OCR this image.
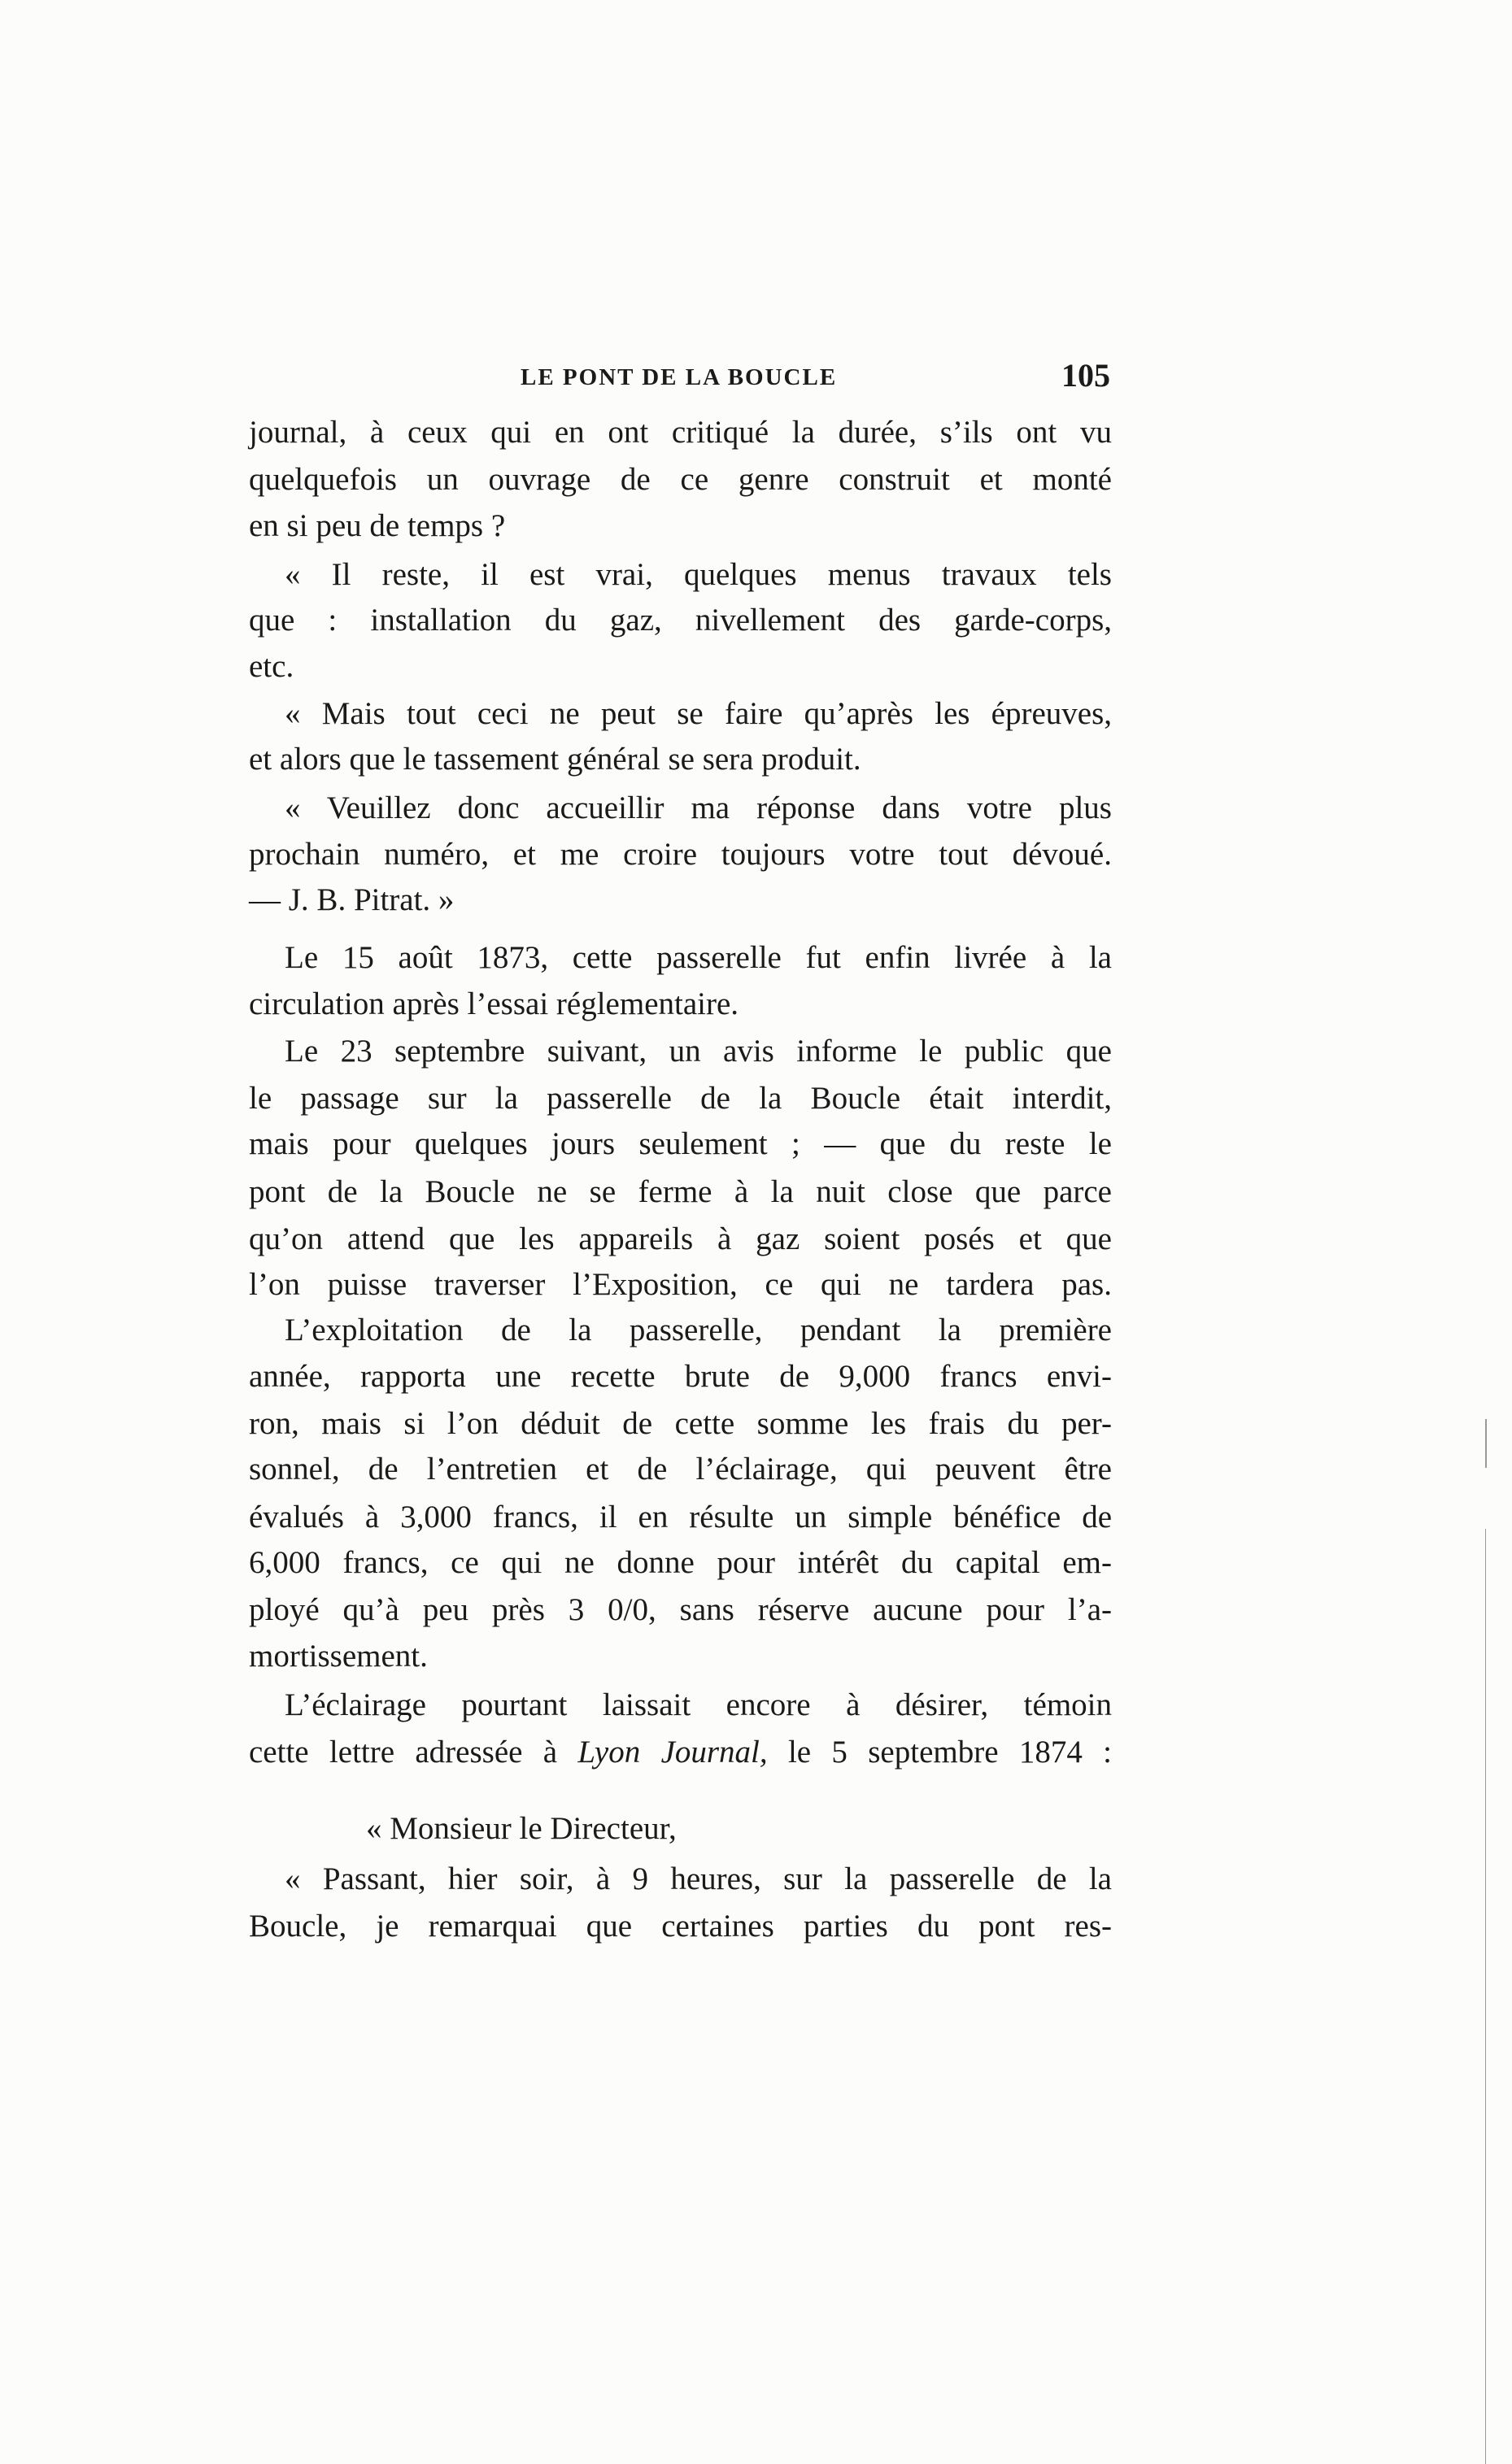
LE PONT DE LA BOUCLE	105
journal, à ceux qui en ont critiqué la durée, s’ils ont vu
quelquefois un ouvrage de ce genre construit et monté
en si peu de temps ?
« Il reste, il est vrai, quelques menus travaux tels
que : installation du gaz, nivellement des garde-corps,
etc.
« Mais tout ceci ne peut se faire qu’après les épreuves,
et alors que le tassement général se sera produit.
« Veuillez donc accueillir ma réponse dans votre plus
prochain numéro, et me croire toujours votre tout dévoué.
— J. B. Pitrat. »
Le 15 août 1873, cette passerelle fut enfin livrée à la
circulation après l’essai réglementaire.
Le 23 septembre suivant, un avis informe le public que
le passage sur la passerelle de la Boucle était interdit,
mais pour quelques jours seulement ; — que du reste le
pont de la Boucle ne se ferme à la nuit close que parce
qu’on attend que les appareils à gaz soient posés et que
l’on puisse traverser l’Exposition, ce qui ne tardera pas.
L’exploitation de la passerelle, pendant la première
année, rapporta une recette brute de 9,000 francs envi-
ron, mais si l’on déduit de cette somme les frais du per-
sonnel, de l’entretien et de l’éclairage, qui peuvent être
évalués à 3,000 francs, il en résulte un simple bénéfice de
6,000 francs, ce qui ne donne pour intérêt du capital em-
ployé qu’à peu près 3 0/0, sans réserve aucune pour l’a-
mortissement.
L’éclairage pourtant laissait encore à désirer, témoin
cette lettre adressée à Lyon Journal, le 5 septembre 1874 :
« Monsieur le Directeur,
« Passant, hier soir, à 9 heures, sur la passerelle de la
Boucle, je remarquai que certaines parties du pont res-
